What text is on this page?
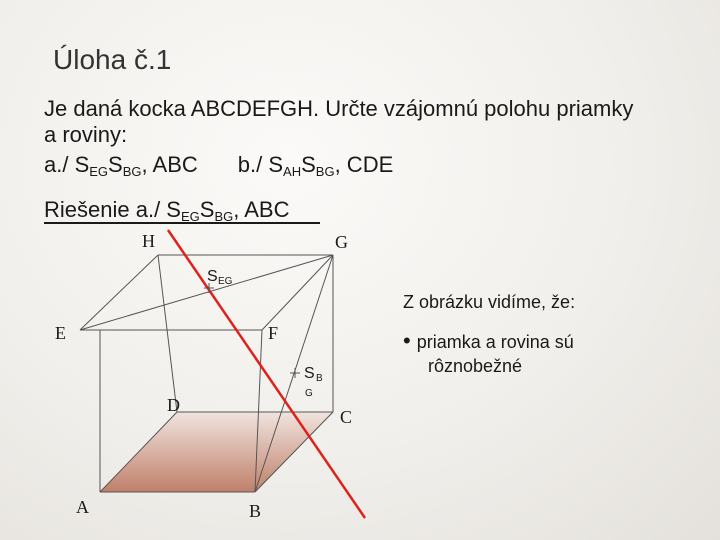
Úloha č.1
Je daná kocka ABCDEFGH. Určte vzájomnú polohu priamky
a roviny:
a./ $S_{EG}S_{BG}$, ABC b./ $S_{AH}S_{BG}$, CDE
Riešenie a./ $S_{EG}S_{BG}$, ABC
H	G
E	F
D
C
A	B
S EG
S B
G
Z obrázku vidíme, že:
• priamka a rovina sú
rôznobežné
